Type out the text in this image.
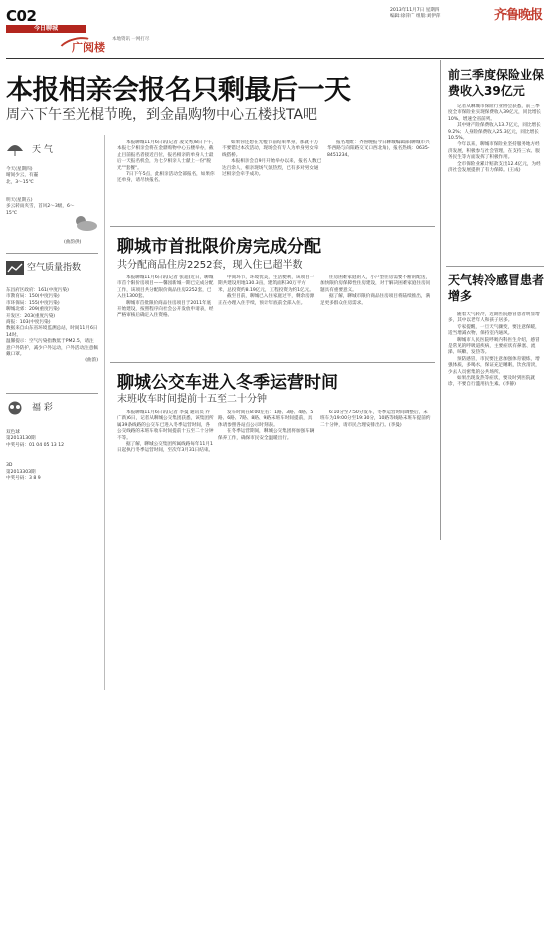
C02
今日聊城
广阅楼
本地资讯 一网打尽
2013年11月7日 星期四
编辑:徐萍广 组版:刘伊萍	齐鲁晚报
本报相亲会报名只剩最后一天
周六下午至光棍节晚，到金晶购物中心五楼找TA吧

本报聊城11月6日讯(记者 凌文秀)8日下午，本报七夕相亲会将在金鼎购物中心五楼举办，截止目前报名者接近百位，报名相亲的单身人士最后一天报名机会，为七夕相亲人士献上一份"脱光""套餐"。

7日下午5点，此相亲活动全部报名，如果你还单身，请尽快报名。

如果你还想在光棍节前结束单身，那就千万不要错过本次活动，现场会有专人为单身男女牵线搭桥。

本报相亲会自9月开始举办以来，报名人数已达百余人，相亲现场气氛热烈，已有多对男女通过相亲会牵手成功。

报名地址：齐鲁晚报今日聊城编辑部(聊城市兴华西路与向阳路交叉口西北角)，报名热线：0635-8451234。

天 气
今天(星期四)
晴间少云，有霾
北，3～15℃
明天(星期五)
多云转雨夹雪，首风2～3级，6～15℃
(曲韵供)
空气质量指数
东昌府区政府：161(中度污染)
市教育局：150(中度污染)
市环保局：155(中度污染)
聊城北郊：209(重度污染)
开发区：203(重度污染)
商报：103(中度污染)
数据来自山东省环境监测总站，时间11月6日14时。
温馨提示：空气污染指数低于PM2.5，请注意户外防护，减少户外运动，户外活动注意佩戴口罩。
(曲韵)
福 彩
双色球
第2013130期
中奖号码：01 04 05 13 12
3D
第2013303期
中奖号码：3 8 9
聊城市首批限价房完成分配
共分配商品住房2252套，现入住已超半数

本报聊城11月6日讯(记者 张超)近日，聊城市首个限价房项目——馨园新城一期已完成分配工作，该项目共分配限价商品住房2252套，已入住1300套。

聊城市首批限价商品住房项目于2011年底开始建设，按照程序向社会公开发放申请表，经严格审核后确定入住资格。

中间环节，环境优美，生活便利，该项目一期共建设用地130.3亩，建筑面积30万平方米，总投资约8.19亿元，工程投资为约1亿元。

截至目前，聊城已入住家庭过半，剩余房源正在办理入住手续，预计年底前全部入住。

住房困难家庭的人，小户型住房需要不断的配送，加快限价房保障性住房建设，对于解决困难家庭住房问题具有重要意义。

据了解，聊城市限价商品住房项目将陆续推出，满足更多群众住房需求。

聊城公交车进入冬季运营时间
末班收车时间提前十五至二十分钟

本报聊城11月6日讯(记者 李曼 通讯员 乔广新)6日，记者从聊城公交集团获悉，该集团所属39条线路的公交车已进入冬季运营时间，各公交线路的末班车收车时间提前十五至二十分钟不等。

据了解，聊城公交集团所属线路每年11月1日起执行冬季运营时间，至次年3月31日结束。

发车时间在8:00左右：1路、3路、4路、5路、6路、7路、8路、9路末班车时间提前，具体请参照各站点公示时刻表。

在冬季运营期间，聊城公交集团将加强车辆保养工作，确保市民安全温暖出行。

6:10分至7:50分发车，冬季运营时间调整后，末班车为19:00分至19:30分，10路等线路末班车提前约二十分钟，请市民合理安排出行。(李曼)

前三季度保险业保费收入39亿元

记者从聊城市保险行业协会获悉，前三季度全市保险业实现保费收入39亿元，同比增长10%，增速全省前列。

其中财产险保费收入13.7亿元，同比增长9.2%；人身险保费收入25.3亿元，同比增长10.5%。

今年以来，聊城市保险业坚持服务地方经济发展，积极参与社会管理，在支持三农、服务民生等方面发挥了积极作用。

全市保险业累计赔款支出12.4亿元，为经济社会发展提供了有力保障。(王成)

天气转冷感冒患者增多

随着天气转冷，近期医院感冒患者明显增多，其中以老年人和孩子居多。

专家提醒，一旦天气骤变，要注意保暖，适当增减衣物，保持室内通风。

聊城市人民医院呼吸内科医生介绍，感冒是常见的呼吸道疾病，主要症状有鼻塞、流涕、咳嗽、发热等。

预防感冒，市民要注意加强体育锻炼，增强体质，多喝水，保证充足睡眠，饮食清淡，少去人员密集的公共场所。

如果出现发热等症状，要及时到医院就诊，不要自行滥用抗生素。(李静)
